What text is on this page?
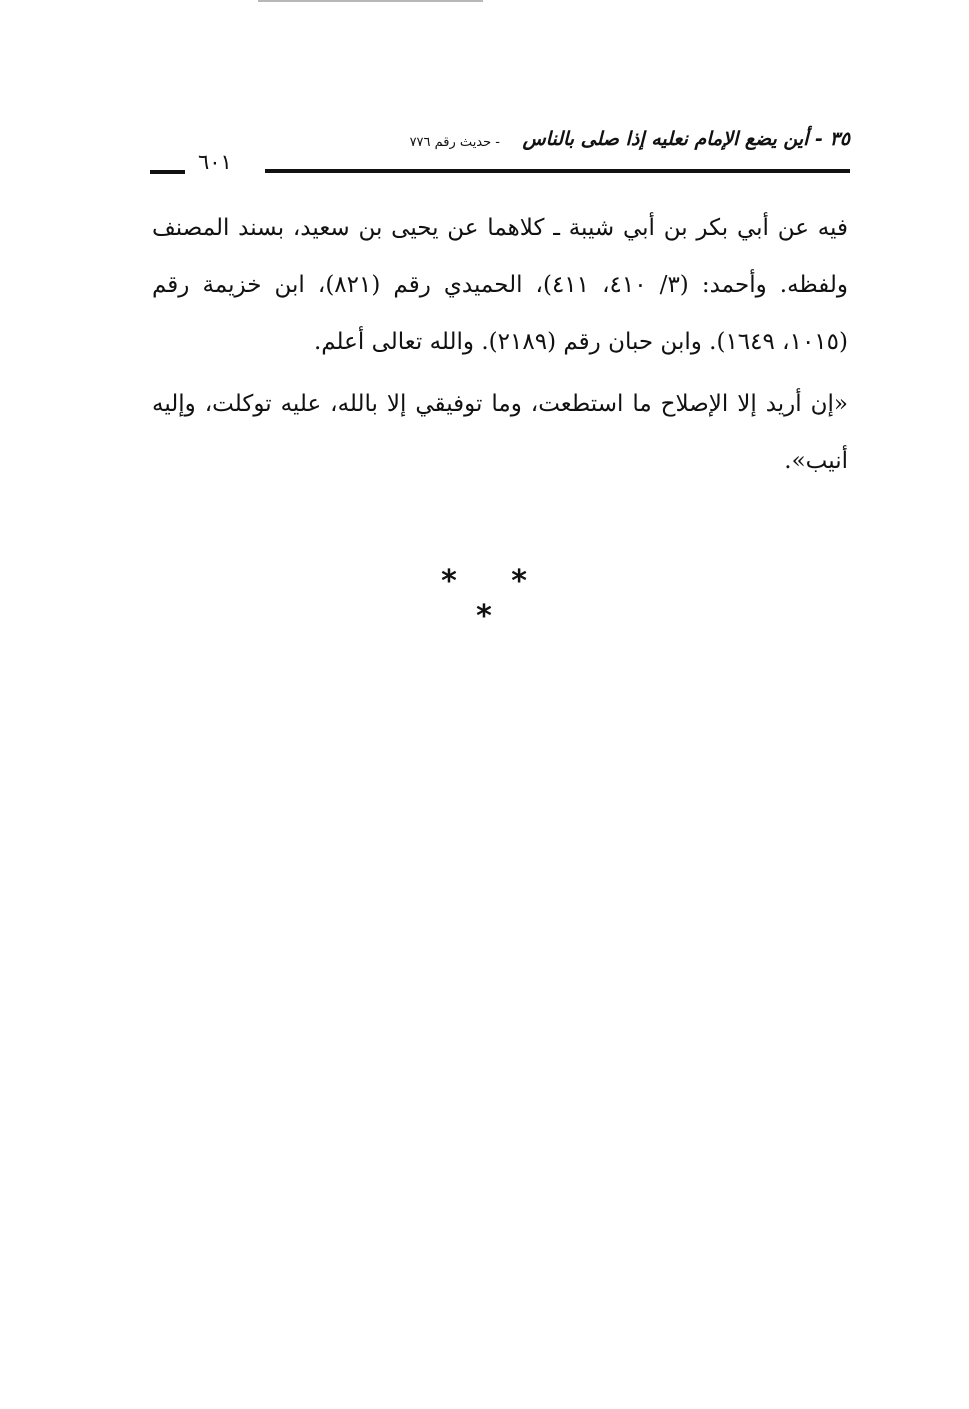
٣٥ - أين يضع الإمام نعليه إذا صلى بالناس
- حديث رقم ٧٧٦
٦٠١

فيه عن أبي بكر بن أبي شيبة ـ كلاهما عن يحيى بن سعيد، بسند المصنف ولفظه. وأحمد: (٣/ ٤١٠، ٤١١)، الحميدي رقم (٨٢١)، ابن خزيمة رقم (١٠١٥، ١٦٤٩). وابن حبان رقم (٢١٨٩). والله تعالى أعلم.

«إن أريد إلا الإصلاح ما استطعت، وما توفيقي إلا بالله، عليه توكلت، وإليه أنيب».

* * *
